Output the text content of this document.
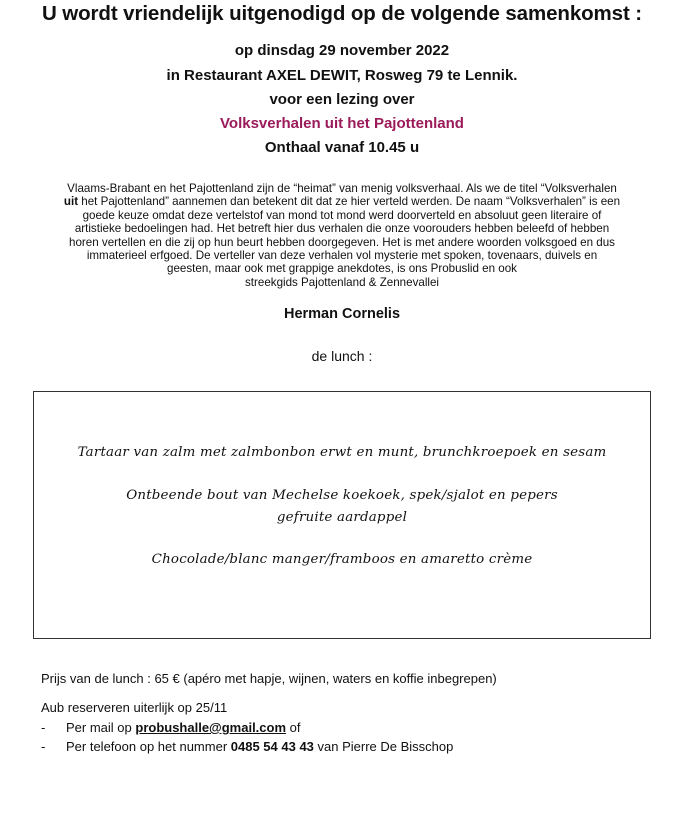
U wordt vriendelijk uitgenodigd op de volgende samenkomst :
op dinsdag 29 november 2022
in Restaurant AXEL DEWIT, Rosweg 79 te Lennik.
voor een lezing over
Volksverhalen uit het Pajottenland
Onthaal vanaf 10.45 u
Vlaams-Brabant en het Pajottenland zijn de “heimat” van menig volksverhaal. Als we de titel “Volksverhalen
uit het Pajottenland” aannemen dan betekent dit dat ze hier verteld werden. De naam “Volksverhalen” is een
goede keuze omdat deze vertelstof van mond tot mond werd doorverteld en absoluut geen literaire of
artistieke bedoelingen had. Het betreft hier dus verhalen die onze voorouders hebben beleefd of hebben
horen vertellen en die zij op hun beurt hebben doorgegeven. Het is met andere woorden volksgoed en dus
immaterieel erfgoed. De verteller van deze verhalen vol mysterie met spoken, tovenaars, duivels en
geesten, maar ook met grappige anekdotes, is ons Probuslid en ook
streekgids Pajottenland & Zennevallei
Herman Cornelis
de lunch :
Tartaar van zalm met zalmbonbon erwt en munt, brunchkroepoek en sesam
Ontbeende bout van Mechelse koekoek, spek/sjalot en pepers
gefruite aardappel
Chocolade/blanc manger/framboos en amaretto crème
Prijs van de lunch : 65 € (apéro met hapje, wijnen, waters en koffie inbegrepen)
Aub reserveren uiterlijk op 25/11
- Per mail op probushalle@gmail.com of
- Per telefoon op het nummer 0485 54 43 43 van Pierre De Bisschop
